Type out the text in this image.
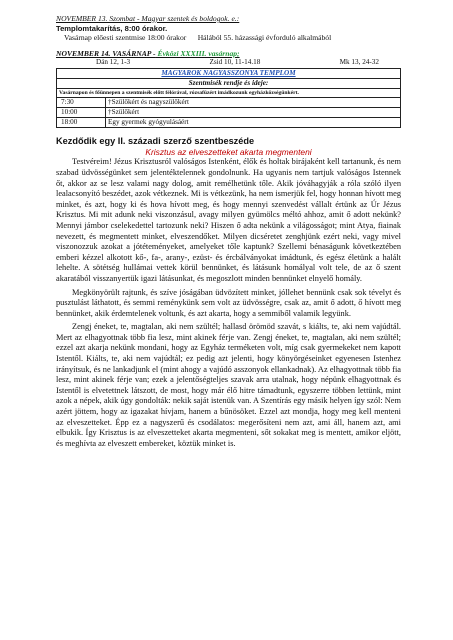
NOVEMBER 13. Szombat - Magyar szentek és boldogok. e.:
Templomtakarítás, 8:00 órakor.
Vasárnap előesti szentmise 18:00 órakor Hálából 55. házassági évforduló alkalmából
NOVEMBER 14. VASÁRNAP - Évközi XXXIII. vasárnap;
Dán 12, 1-3	Zsid 10, 11-14.18	Mk 13, 24-32
MAGYAROK NAGYASSZONYA TEMPLOM	
Szentmisék rendje és ideje:	
Vasárnapon és főünnepen a szentmisék előtt félórával, rózsafüzért imádkozunk egyházközségünkért.	
7:30	†Szülőkért és nagyszülőkért
10:00	†Szülőkért
18:00	Egy gyermek gyógyulásáért
Kezdődik egy II. századi szerző szentbeszéde
Krisztus az elveszetteket akarta megmenteni

Testvéreim! Jézus Krisztusról valóságos Istenként, élők és holtak birájaként kell tartanunk, és nem szabad üdvösségünket sem jelentéktelennek gondolnunk. Ha ugyanis nem tartjuk valóságos Istennek őt, akkor az se lesz valami nagy dolog, amit remélhetünk tőle. Akik jóváhagyják a róla szóló ilyen lealacsonyító beszédet, azok vétkeznek. Mi is vétkezünk, ha nem ismerjük fel, hogy honnan hívott meg minket, és azt, hogy ki és hova hívott meg, és hogy mennyi szenvedést vállalt értünk az Úr Jézus Krisztus. Mi mit adunk neki viszonzásul, avagy milyen gyümölcs méltó ahhoz, amit ő adott nekünk? Mennyi jámbor cselekedettel tartozunk neki? Hiszen ő adta nekünk a világosságot; mint Atya, fiainak nevezett, és megmentett minket, elveszendőket. Milyen dicséretet zenghjünk ezért neki, vagy mivel viszonozzuk azokat a jótéteményeket, amelyeket tőle kaptunk? Szellemi bénaságunk következtében emberi kézzel alkotott kő-, fa-, arany-, ezüst- és ércbálványokat imádtunk, és egész életünk a halált lehelte. A sötétség hullámai vettek körül bennünket, és látásunk homályal volt tele, de az ő szent akaratából visszanyertük igazi látásunkat, és megoszlott minden bennünket elnyelő homály.

Megkönyörült rajtunk, és szíve jóságában üdvözített minket, jóllehet bennünk csak sok tévelyt és pusztulást láthatott, és semmi reménykünk sem volt az üdvösségre, csak az, amit ő adott, ő hívott meg bennünket, akik érdemtelenek voltunk, és azt akarta, hogy a semmiből valamik legyünk.

Zengj éneket, te, magtalan, aki nem szültél; hallasd örömöd szavát, s kiálts, te, aki nem vajúdtál. Mert az elhagyottnak több fia lesz, mint akinek férje van. Zengj éneket, te, magtalan, aki nem szültél; ezzel azt akarja nekünk mondani, hogy az Egyház terméketen volt, míg csak gyermekeket nem kapott Istentől. Kiálts, te, aki nem vajúdtál; ez pedig azt jelenti, hogy könyörgéseinket egyenesen Istenhez irányítsuk, és ne lankadjunk el (mint ahogy a vajúdó asszonyok ellankadnak). Az elhagyottnak több fia lesz, mint akinek férje van; ezek a jelentőségteljes szavak arra utalnak, hogy népünk elhagyottnak és Istentől is elvetettnek látszott, de most, hogy már élő hitre támadtunk, egyszerre többen lettünk, mint azok a népek, akik úgy gondolták: nekik saját istenük van. A Szentírás egy másik helyen így szól: Nem azért jöttem, hogy az igazakat hívjam, hanem a bűnösöket. Ezzel azt mondja, hogy meg kell menteni az elveszetteket. Épp ez a nagyszerű és csodálatos: megerősíteni nem azt, ami áll, hanem azt, ami elbukik. Így Krisztus is az elveszetteket akarta megmenteni, sőt sokakat meg is mentett, amikor eljött, és meghívta az elveszett embereket, köztük minket is.
